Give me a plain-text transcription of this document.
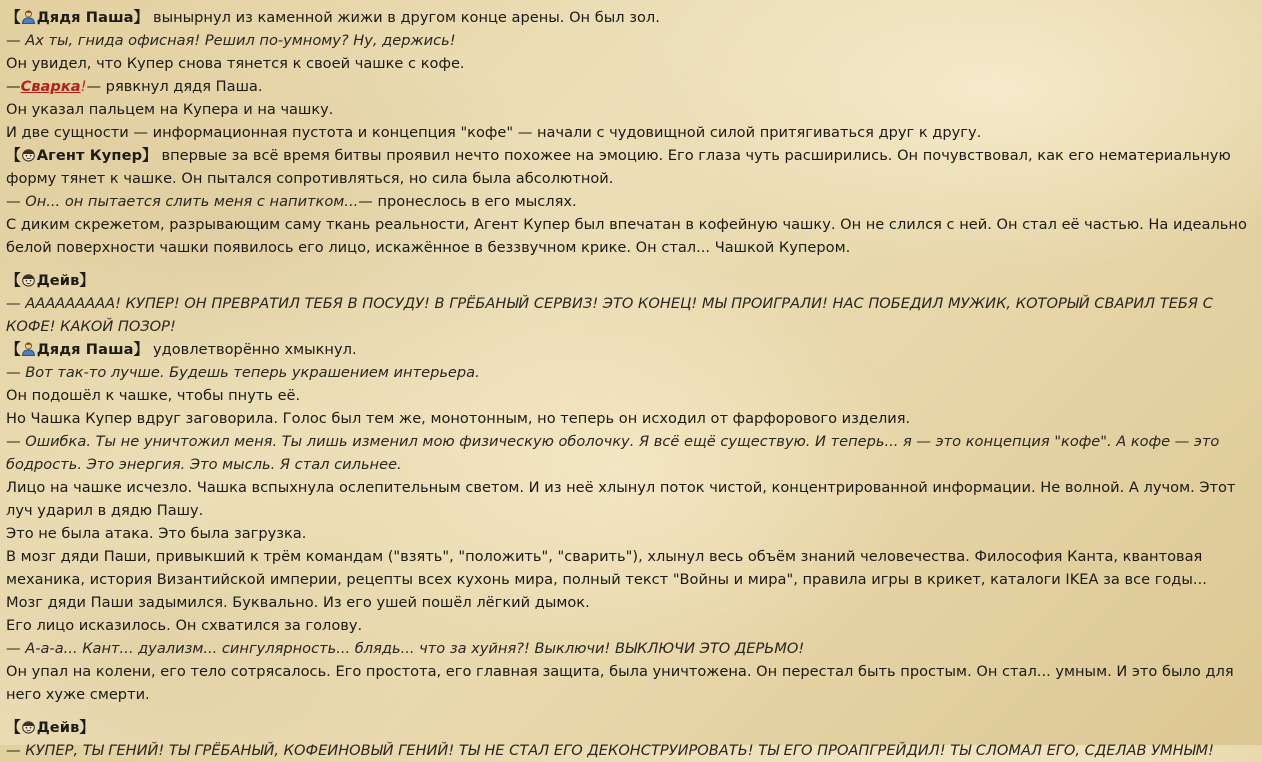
【 Дядя Паша】 вынырнул из каменной жижи в другом конце арены. Он был зол.

— Ах ты, гнида офисная! Решил по-умному? Ну, держись!

Он увидел, что Купер снова тянется к своей чашке с кофе.

—Сварка!— рявкнул дядя Паша.

Он указал пальцем на Купера и на чашку.

И две сущности — информационная пустота и концепция "кофе" — начали с чудовищной силой притягиваться друг к другу.

【 Агент Купер】 впервые за всё время битвы проявил нечто похожее на эмоцию. Его глаза чуть расширились. Он почувствовал, как его нематериальную форму тянет к чашке. Он пытался сопротивляться, но сила была абсолютной.

— Он... он пытается слить меня с напитком...— пронеслось в его мыслях.

С диким скрежетом, разрывающим саму ткань реальности, Агент Купер был впечатан в кофейную чашку. Он не слился с ней. Он стал её частью. На идеально белой поверхности чашки появилось его лицо, искажённое в беззвучном крике. Он стал... Чашкой Купером.

【 Дейв】

— ААААААААА! КУПЕР! ОН ПРЕВРАТИЛ ТЕБЯ В ПОСУДУ! В ГРЁБАНЫЙ СЕРВИЗ! ЭТО КОНЕЦ! МЫ ПРОИГРАЛИ! НАС ПОБЕДИЛ МУЖИК, КОТОРЫЙ СВАРИЛ ТЕБЯ С КОФЕ! КАКОЙ ПОЗОР!

【 Дядя Паша】 удовлетворённо хмыкнул.

— Вот так-то лучше. Будешь теперь украшением интерьера.

Он подошёл к чашке, чтобы пнуть её.

Но Чашка Купер вдруг заговорила. Голос был тем же, монотонным, но теперь он исходил от фарфорового изделия.

— Ошибка. Ты не уничтожил меня. Ты лишь изменил мою физическую оболочку. Я всё ещё существую. И теперь... я — это концепция "кофе". А кофе — это бодрость. Это энергия. Это мысль. Я стал сильнее.

Лицо на чашке исчезло. Чашка вспыхнула ослепительным светом. И из неё хлынул поток чистой, концентрированной информации. Не волной. А лучом. Этот луч ударил в дядю Пашу.

Это не была атака. Это была загрузка.

В мозг дяди Паши, привыкший к трём командам ("взять", "положить", "сварить"), хлынул весь объём знаний человечества. Философия Канта, квантовая механика, история Византийской империи, рецепты всех кухонь мира, полный текст "Войны и мира", правила игры в крикет, каталоги IKEA за все годы...

Мозг дяди Паши задымился. Буквально. Из его ушей пошёл лёгкий дымок.

Его лицо исказилось. Он схватился за голову.

— А-а-а... Кант... дуализм... сингулярность... блядь... что за хуйня?! Выключи! ВЫКЛЮЧИ ЭТО ДЕРЬМО!

Он упал на колени, его тело сотрясалось. Его простота, его главная защита, была уничтожена. Он перестал быть простым. Он стал... умным. И это было для него хуже смерти.

【 Дейв】

— КУПЕР, ТЫ ГЕНИЙ! ТЫ ГРЁБАНЫЙ, КОФЕИНОВЫЙ ГЕНИЙ! ТЫ НЕ СТАЛ ЕГО ДЕКОНСТРУИРОВАТЬ! ТЫ ЕГО ПРОАПГРЕЙДИЛ! ТЫ СЛОМАЛ ЕГО, СДЕЛАВ УМНЫМ!
